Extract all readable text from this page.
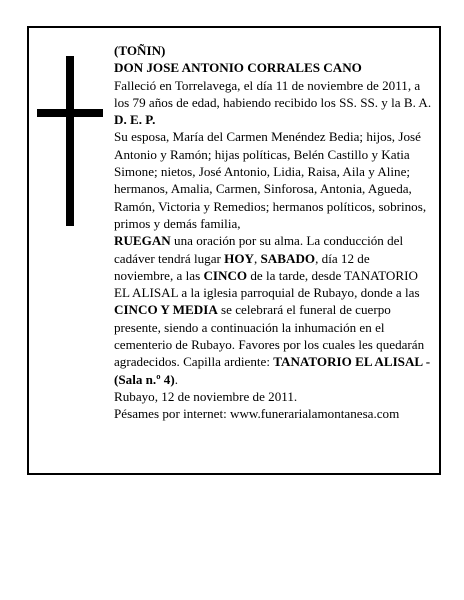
(TOÑIN)

DON JOSE ANTONIO CORRALES CANO

Falleció en Torrelavega, el día 11 de noviembre de 2011, a los 79 años de edad, habiendo recibido los SS. SS. y la B. A.

D. E. P.

Su esposa, María del Carmen Menéndez Bedia; hijos, José Antonio y Ramón; hijas políticas, Belén Castillo y Katia Simone; nietos, José Antonio, Lidia, Raisa, Aila y Aline; hermanos, Amalia, Carmen, Sinforosa, Antonia, Agueda, Ramón, Victoria y Remedios; hermanos políticos, sobrinos, primos y demás familia,

RUEGAN una oración por su alma. La conducción del cadáver tendrá lugar HOY, SABADO, día 12 de noviembre, a las CINCO de la tarde, desde TANATORIO EL ALISAL a la iglesia parroquial de Rubayo, donde a las CINCO Y MEDIA se celebrará el funeral de cuerpo presente, siendo a continuación la inhumación en el cementerio de Rubayo. Favores por los cuales les quedarán agradecidos. Capilla ardiente: TANATORIO EL ALISAL - (Sala n.º 4).

Rubayo, 12 de noviembre de 2011.

Pésames por internet: www.funerarialamontanesa.com
